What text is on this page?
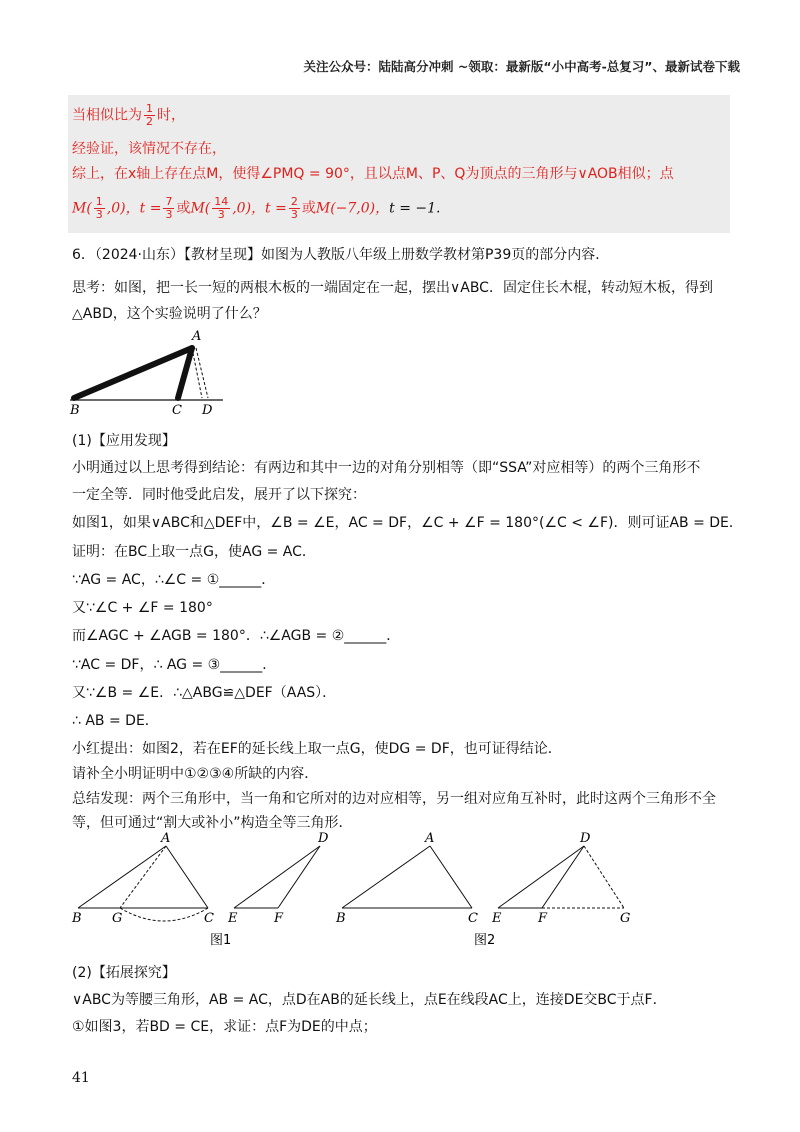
关注公众号：陆陆高分冲刺 ~领取：最新版“小中高考-总复习”、最新试卷下载
当相似比为 $\frac{1}{2}$ 时，
经验证，该情况不存在，
综上，在x轴上存在点M，使得∠PMQ = 90°，且以点M、P、Q为顶点的三角形与∨AOB相似；点
$M( \frac{1}{3} ,0)$，$t = \frac{7}{3}$ 或$M( \frac{14}{3} ,0)$，$t = \frac{2}{3}$ 或M(−7,0)，t = −1.
6．（2024·山东）【教材呈现】如图为人教版八年级上册数学教材第P39页的部分内容．
思考：如图，把一长一短的两根木板的一端固定在一起，摆出∨ABC．固定住长木棍，转动短木板，得到
△ABD，这个实验说明了什么？
A
B	C D
(1)【应用发现】
小明通过以上思考得到结论：有两边和其中一边的对角分别相等（即“SSA”对应相等）的两个三角形不
一定全等．同时他受此启发，展开了以下探究：
如图1，如果∨ABC和△DEF中，∠B = ∠E，AC = DF，∠C + ∠F = 180°(∠C < ∠F)．则可证AB = DE．
证明：在BC上取一点G，使AG = AC．
∵AG = AC，∴∠C = ①______．
又∵∠C + ∠F = 180°
而∠AGC + ∠AGB = 180°．∴∠AGB = ②______．
∵AC = DF，∴ AG = ③______．
又∵∠B = ∠E．∴△ABG≌△DEF（AAS）．
∴ AB = DE．
小红提出：如图2，若在EF的延长线上取一点G，使DG = DF，也可证得结论．
请补全小明证明中①②③④所缺的内容．
总结发现：两个三角形中，当一角和它所对的边对应相等，另一组对应角互补时，此时这两个三角形不全
等，但可通过“割大或补小”构造全等三角形．
A
B G	C
D
E	F
图1
A
B	C
D
E	F	G
图2
(2)【拓展探究】
∨ABC为等腰三角形，AB = AC，点D在AB的延长线上，点E在线段AC上，连接DE交BC于点F．
①如图3，若BD = CE，求证：点F为DE的中点；
41
